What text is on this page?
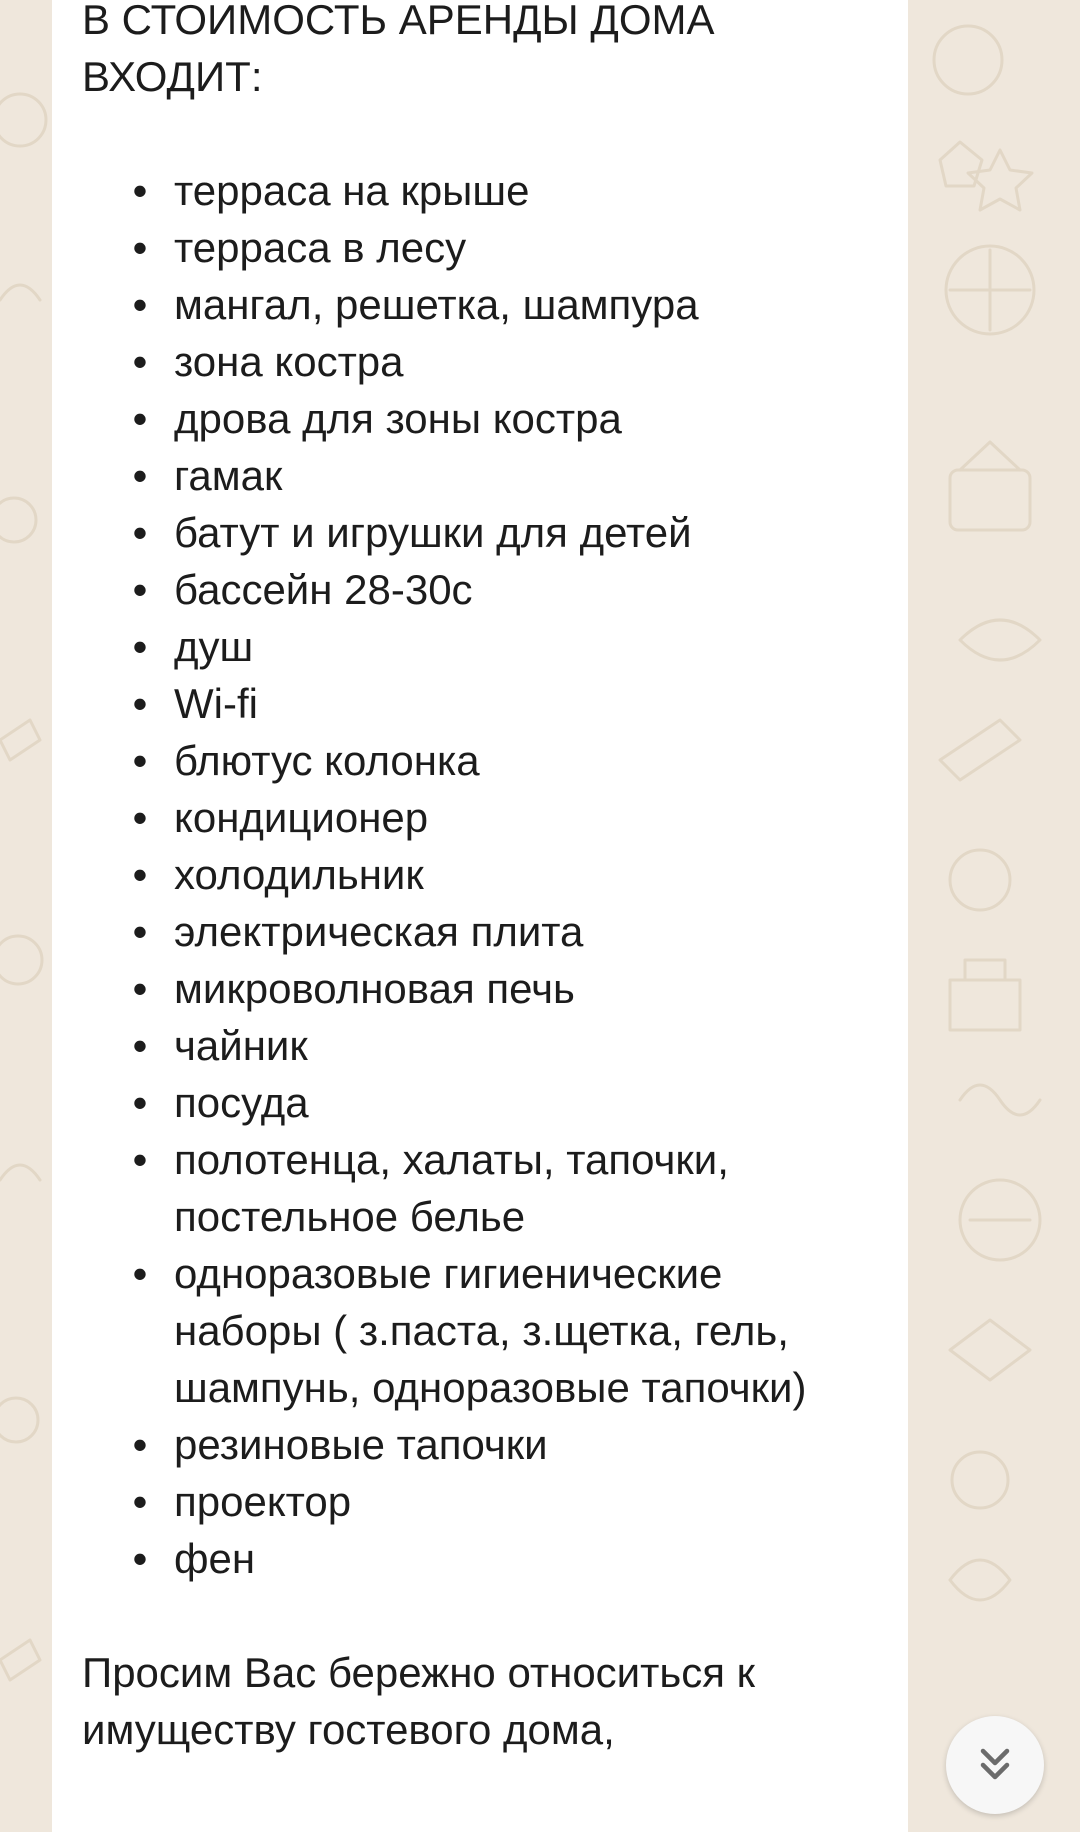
В СТОИМОСТЬ АРЕНДЫ ДОМА ВХОДИТ:

• терраса на крыше
• терраса в лесу
• мангал, решетка, шампура
• зона костра
• дрова для зоны костра
• гамак
• батут и игрушки для детей
• бассейн 28-30с
• душ
• Wi-fi
• блютус колонка
• кондиционер
• холодильник
• электрическая плита
• микроволновая печь
• чайник
• посуда
• полотенца, халаты, тапочки, постельное белье
• одноразовые гигиенические наборы ( з.паста, з.щетка, гель, шампунь, одноразовые тапочки)
• резиновые тапочки
• проектор
• фен

Просим Вас бережно относиться к имуществу гостевого дома,
